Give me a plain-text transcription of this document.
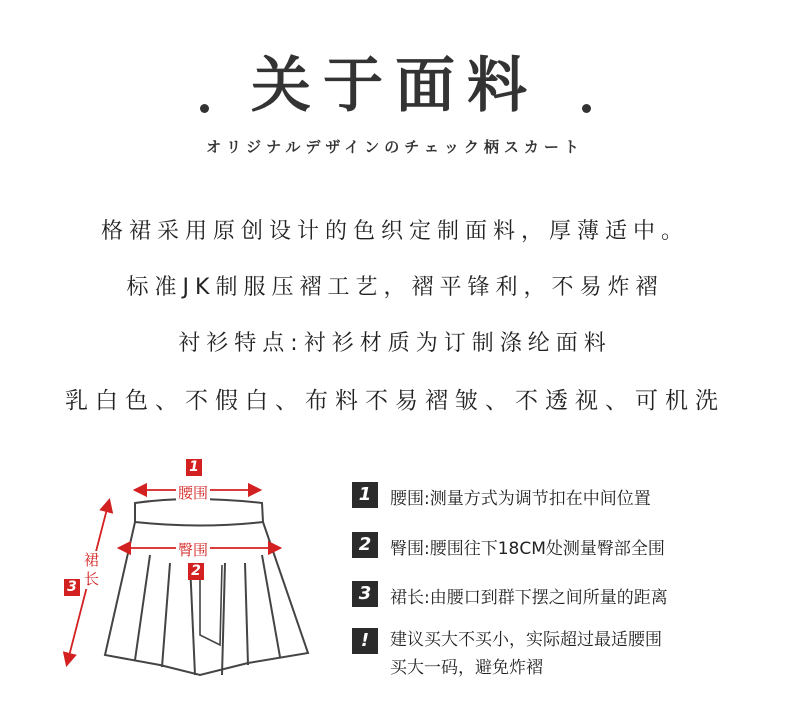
关于面料
オリジナルデザインのチェック柄スカート
格裙采用原创设计的色织定制面料，厚薄适中。
标准JK制服压褶工艺，褶平锋利，不易炸褶
衬衫特点:衬衫材质为订制涤纶面料
乳白色、不假白、布料不易褶皱、不透视、可机洗
1
腰围
臀围
2
裙长
3
1	腰围:测量方式为调节扣在中间位置
2	臀围:腰围往下18CM处测量臀部全围
3	裙长:由腰口到群下摆之间所量的距离
!	建议买大不买小，实际超过最适腰围
买大一码，避免炸褶
